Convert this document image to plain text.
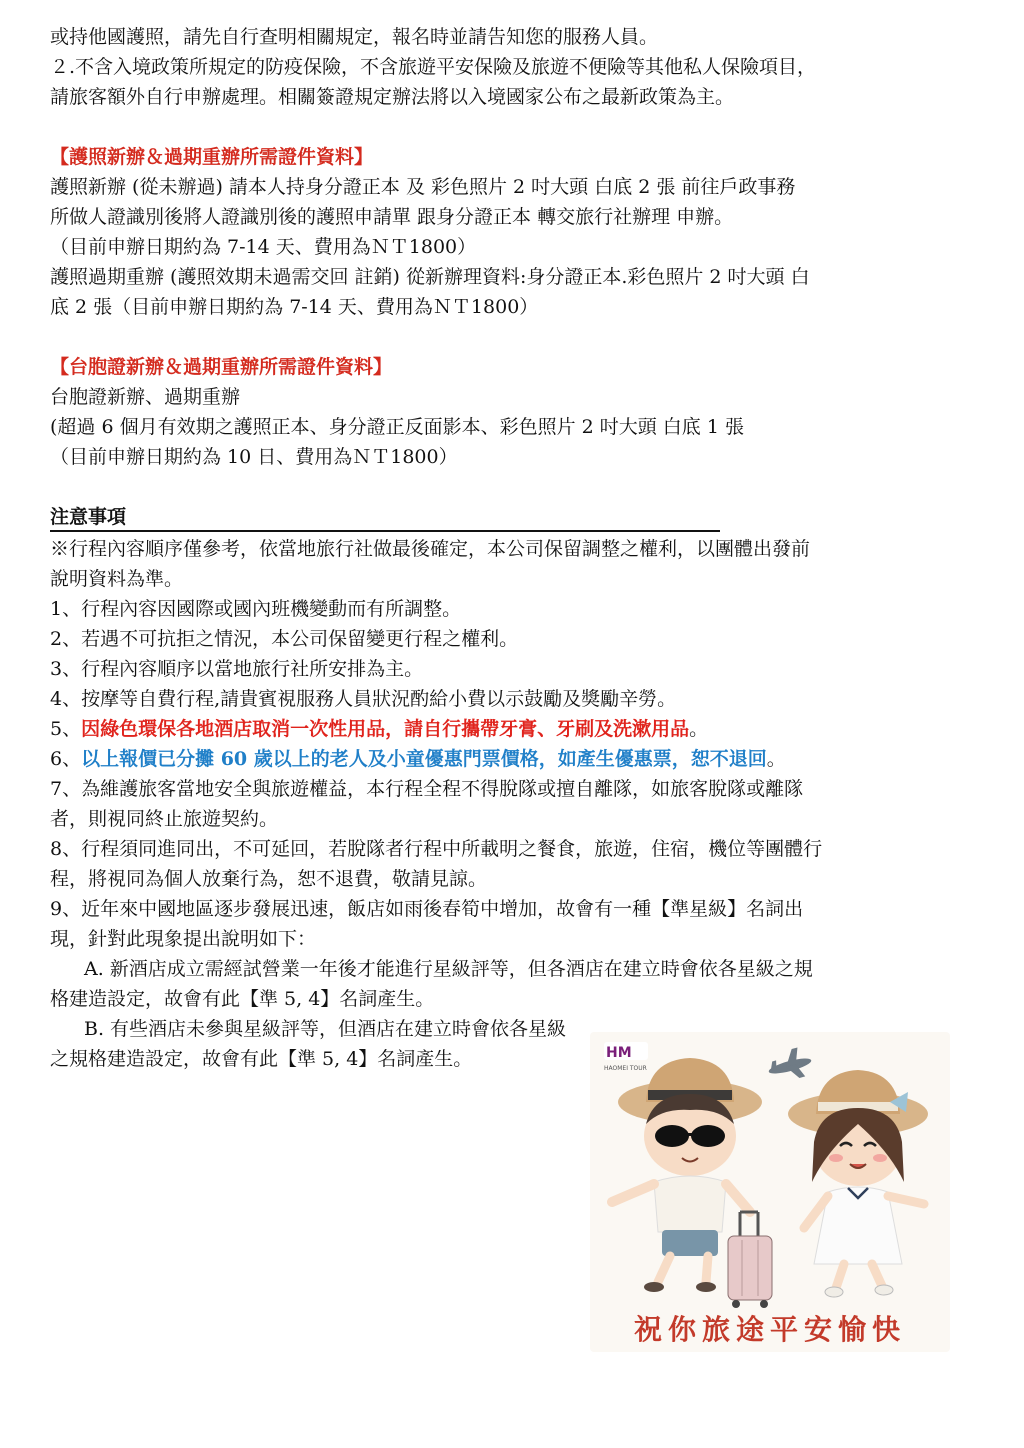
或持他國護照，請先自行查明相關規定，報名時並請告知您的服務人員。
２.不含入境政策所規定的防疫保險，不含旅遊平安保險及旅遊不便險等其他私人保險項目，
請旅客額外自行申辦處理。相關簽證規定辦法將以入境國家公布之最新政策為主。
【護照新辦＆過期重辦所需證件資料】
護照新辦 (從未辦過) 請本人持身分證正本 及 彩色照片 2 吋大頭 白底 2 張 前往戶政事務
所做人證識別後將人證識別後的護照申請單 跟身分證正本 轉交旅行社辦理 申辦。
（目前申辦日期約為 7-14 天、費用為ＮＴ1800）
護照過期重辦 (護照效期未過需交回 註銷) 從新辦理資料:身分證正本.彩色照片 2 吋大頭 白
底 2 張（目前申辦日期約為 7-14 天、費用為ＮＴ1800）
【台胞證新辦＆過期重辦所需證件資料】
台胞證新辦、過期重辦
(超過 6 個月有效期之護照正本、身分證正反面影本、彩色照片 2 吋大頭 白底 1 張
（目前申辦日期約為 10 日、費用為ＮＴ1800）
注意事項
※行程內容順序僅參考，依當地旅行社做最後確定，本公司保留調整之權利，以團體出發前
說明資料為準。
1、行程內容因國際或國內班機變動而有所調整。
2、若遇不可抗拒之情況，本公司保留變更行程之權利。
3、行程內容順序以當地旅行社所安排為主。
4、按摩等自費行程,請貴賓視服務人員狀況酌給小費以示鼓勵及獎勵辛勞。
5、因綠色環保各地酒店取消一次性用品，請自行攜帶牙膏、牙刷及洗漱用品。
6、以上報價已分攤 60 歲以上的老人及小童優惠門票價格，如產生優惠票，恕不退回。
7、為維護旅客當地安全與旅遊權益，本行程全程不得脫隊或擅自離隊，如旅客脫隊或離隊
者，則視同終止旅遊契約。
8、行程須同進同出，不可延回，若脫隊者行程中所載明之餐食，旅遊，住宿，機位等團體行
程，將視同為個人放棄行為，恕不退費，敬請見諒。
9、近年來中國地區逐步發展迅速，飯店如雨後春筍中增加，故會有一種【準星級】名詞出
現，針對此現象提出說明如下：
A. 新酒店成立需經試營業一年後才能進行星級評等，但各酒店在建立時會依各星級之規
格建造設定，故會有此【準 5, 4】名詞產生。
B. 有些酒店未參與星級評等，但酒店在建立時會依各星級之規格建造設定，故會有此【準 5, 4】名詞產生。	HM
HAOMEI TOUR
祝你旅途平安愉快
